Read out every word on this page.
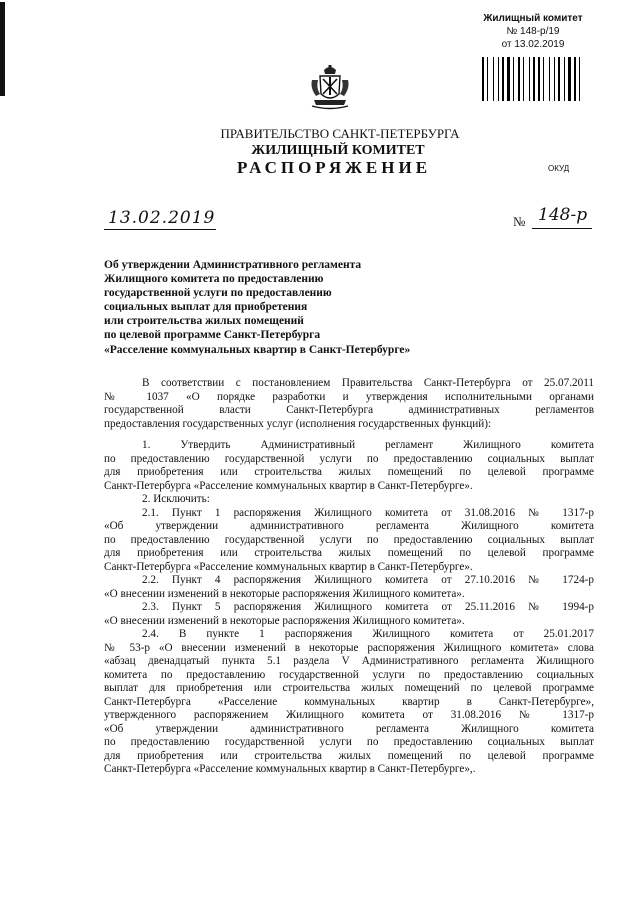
Жилищный комитет
№ 148-р/19
от 13.02.2019
ПРАВИТЕЛЬСТВО САНКТ-ПЕТЕРБУРГА
ЖИЛИЩНЫЙ КОМИТЕТ
РАСПОРЯЖЕНИЕ	ОКУД
13.02.2019	№ 148-р
Об утверждении Административного регламента
Жилищного комитета по предоставлению
государственной услуги по предоставлению
социальных выплат для приобретения
или строительства жилых помещений
по целевой программе Санкт-Петербурга
«Расселение коммунальных квартир в Санкт-Петербурге»
В соответствии с постановлением Правительства Санкт-Петербурга от 25.07.2011
№ 1037 «О порядке разработки и утверждения исполнительными органами
государственной власти Санкт-Петербурга административных регламентов
предоставления государственных услуг (исполнения государственных функций):
1. Утвердить Административный регламент Жилищного комитета
по предоставлению государственной услуги по предоставлению социальных выплат
для приобретения или строительства жилых помещений по целевой программе
Санкт-Петербурга «Расселение коммунальных квартир в Санкт-Петербурге».
2. Исключить:
2.1. Пункт 1 распоряжения Жилищного комитета от 31.08.2016 № 1317-р
«Об утверждении административного регламента Жилищного комитета
по предоставлению государственной услуги по предоставлению социальных выплат
для приобретения или строительства жилых помещений по целевой программе
Санкт-Петербурга «Расселение коммунальных квартир в Санкт-Петербурге».
2.2. Пункт 4 распоряжения Жилищного комитета от 27.10.2016 № 1724-р
«О внесении изменений в некоторые распоряжения Жилищного комитета».
2.3. Пункт 5 распоряжения Жилищного комитета от 25.11.2016 № 1994-р
«О внесении изменений в некоторые распоряжения Жилищного комитета».
2.4. В пункте 1 распоряжения Жилищного комитета от 25.01.2017
№ 53-р «О внесении изменений в некоторые распоряжения Жилищного комитета» слова
«абзац двенадцатый пункта 5.1 раздела V Административного регламента Жилищного
комитета по предоставлению государственной услуги по предоставлению социальных
выплат для приобретения или строительства жилых помещений по целевой программе
Санкт-Петербурга «Расселение коммунальных квартир в Санкт-Петербурге»,
утвержденного распоряжением Жилищного комитета от 31.08.2016 № 1317-р
«Об утверждении административного регламента Жилищного комитета
по предоставлению государственной услуги по предоставлению социальных выплат
для приобретения или строительства жилых помещений по целевой программе
Санкт-Петербурга «Расселение коммунальных квартир в Санкт-Петербурге»,.
